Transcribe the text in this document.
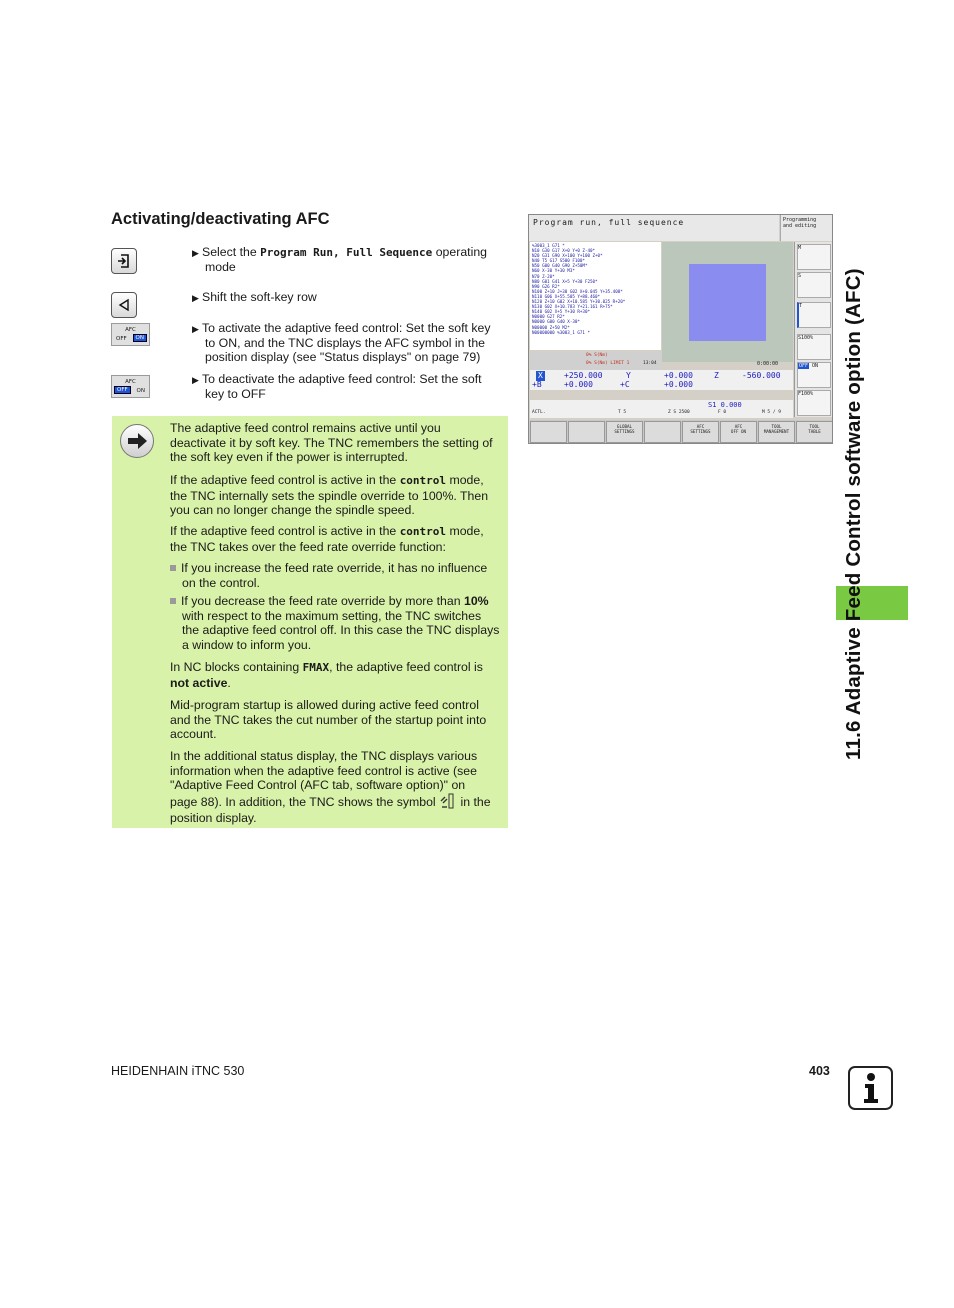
Activating/deactivating AFC
▶ Select the Program Run, Full Sequence operating
mode
▶ Shift the soft-key row
AFC
OFF	ON
▶ To activate the adaptive feed control: Set the soft key
to ON, and the TNC displays the AFC symbol in the
position display (see "Status displays" on page 79)
AFC
OFF	ON
▶ To deactivate the adaptive feed control: Set the soft
key to OFF

The adaptive feed control remains active until you deactivate it by soft key. The TNC remembers the setting of the soft key even if the power is interrupted.

If the adaptive feed control is active in the control mode, the TNC internally sets the spindle override to 100%. Then you can no longer change the spindle speed.

If the adaptive feed control is active in the control mode, the TNC takes over the feed rate override function:

If you increase the feed rate override, it has no influence
on the control.
If you decrease the feed rate override by more than 10%
with respect to the maximum setting, the TNC switches the adaptive feed control off. In this case the TNC displays a window to inform you.

In NC blocks containing FMAX, the adaptive feed control is not active.

Mid-program startup is allowed during active feed control and the TNC takes the cut number of the startup point into account.

In the additional status display, the TNC displays various information when the adaptive feed control is active (see "Adaptive Feed Control (AFC tab, software option)" on
page 88). In addition, the TNC shows the symbol in the
position display.

Program run, full sequence	Programming
and editing
%3003_1 G71 *
N10 G30 G17 X+0 Y+0 Z-40*
N20 G31 G90 X+100 Y+100 Z+0*
N40 T5 G17 S500 F100*
N50 G00 G40 G90 Z+50M*
N60 X-30 Y+30 M3*
N70 Z-20*
N80 G01 G41 X+5 Y+30 F250*
N90 G26 R2*
N100 Z+10 J+30 G02 X+0.045 Y+35.408*
N110 G06 X+55.505 Y+88.460*
N120 Z+10 G02 X+10.585 Y+30.025 R+20*
N130 G02 X+10.783 Y+21.161 R+75*
N140 G02 X+5 Y+30 R+30*
N0000 G27 R2*
N0000 G00 G40 X-30*
N00000 Z+50 M2*
N00000000 %3003_1 G71 *
M
S
T
S100%
OFF ON
F100%
0% S(Nm)
0% S(Nm) LIMIT 1	13:04	0:00:00
X	+250.000	Y	+0.000	Z	-560.000
+B	+0.000	+C	+0.000
S1 0.000
ACTL.	T 5	Z S 2500	F 0	M 5 / 9
GLOBAL
SETTINGS
AFC
SETTINGS
AFC
OFF ON
TOOL
MANAGEMENT
TOOL
TABLE	11.6 Adaptive Feed Control software option (AFC)
HEIDENHAIN iTNC 530	403
